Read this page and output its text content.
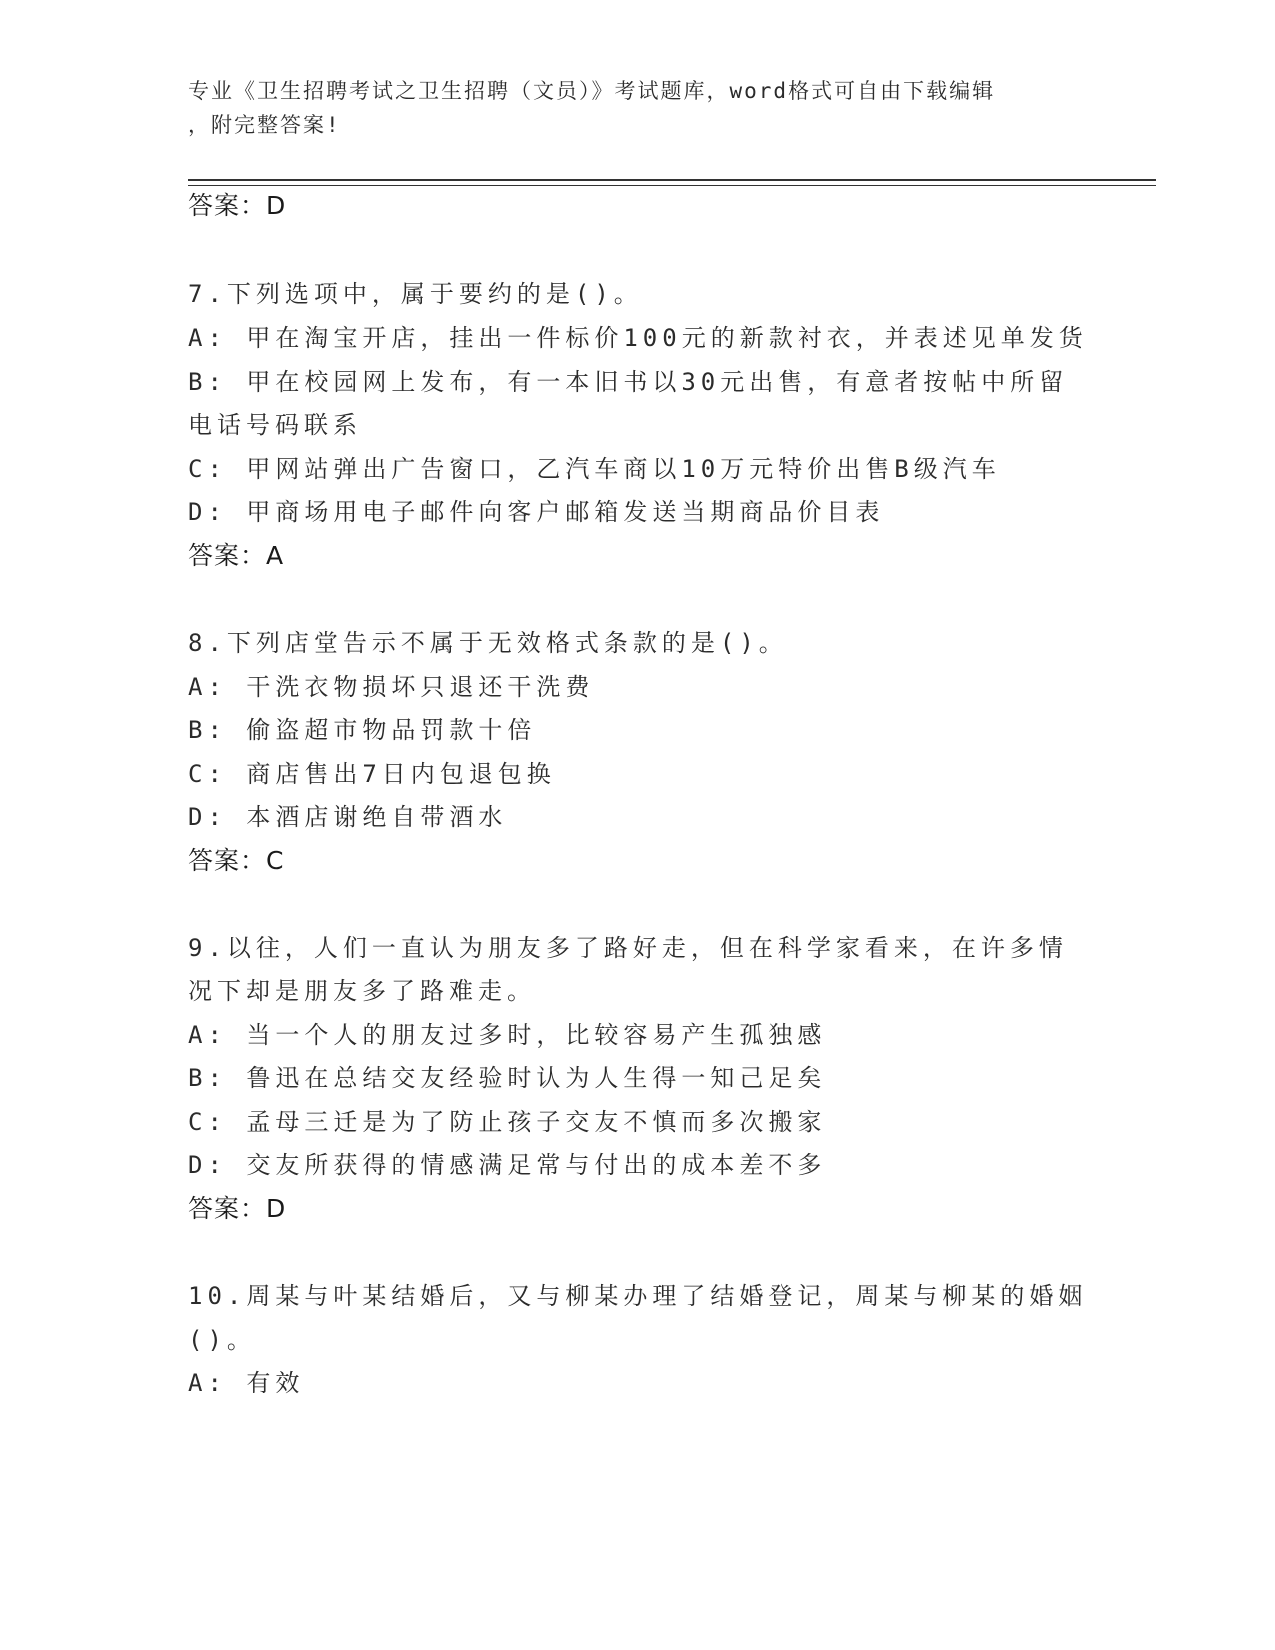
专业《卫生招聘考试之卫生招聘（文员）》考试题库，word格式可自由下载编辑
，附完整答案!
答案：D
7.下列选项中，属于要约的是()。
A: 甲在淘宝开店，挂出一件标价100元的新款衬衣，并表述见单发货
B: 甲在校园网上发布，有一本旧书以30元出售，有意者按帖中所留
电话号码联系
C: 甲网站弹出广告窗口，乙汽车商以10万元特价出售B级汽车
D: 甲商场用电子邮件向客户邮箱发送当期商品价目表
答案：A
8.下列店堂告示不属于无效格式条款的是()。
A: 干洗衣物损坏只退还干洗费
B: 偷盗超市物品罚款十倍
C: 商店售出7日内包退包换
D: 本酒店谢绝自带酒水
答案：C
9.以往，人们一直认为朋友多了路好走，但在科学家看来，在许多情
况下却是朋友多了路难走。
A: 当一个人的朋友过多时，比较容易产生孤独感
B: 鲁迅在总结交友经验时认为人生得一知己足矣
C: 孟母三迁是为了防止孩子交友不慎而多次搬家
D: 交友所获得的情感满足常与付出的成本差不多
答案：D
10.周某与叶某结婚后，又与柳某办理了结婚登记，周某与柳某的婚姻
()。
A: 有效
